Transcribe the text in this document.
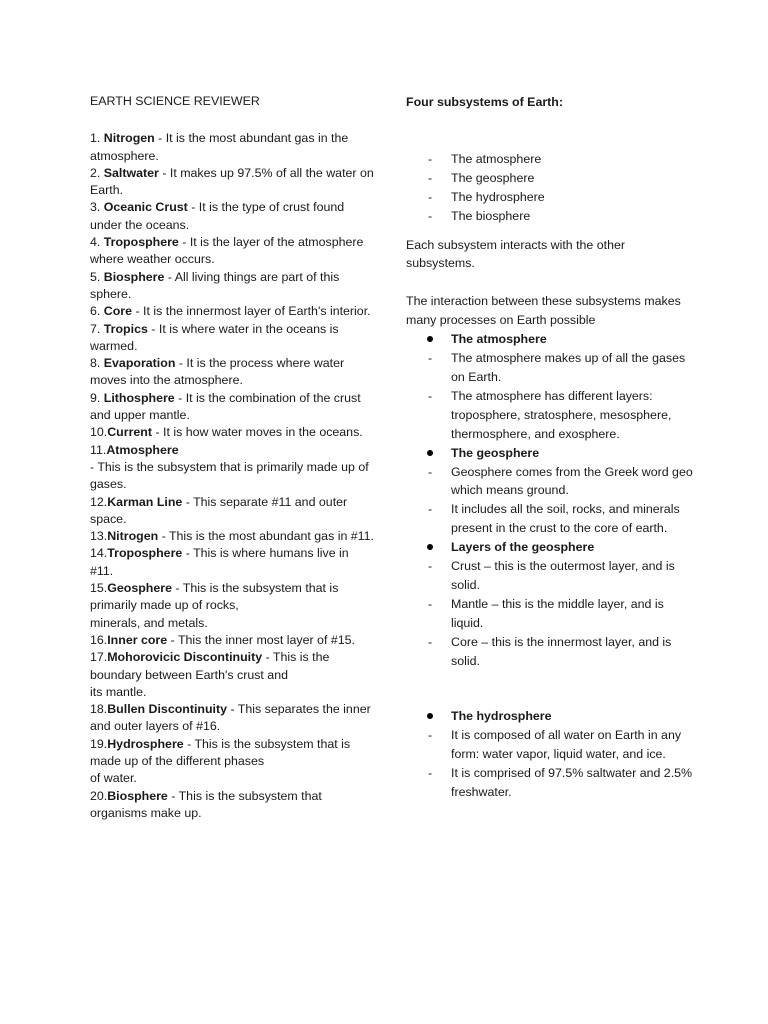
EARTH SCIENCE REVIEWER

1. Nitrogen - It is the most abundant gas in the atmosphere.

2. Saltwater - It makes up 97.5% of all the water on Earth.

3. Oceanic Crust - It is the type of crust found under the oceans.

4. Troposphere - It is the layer of the atmosphere where weather occurs.

5. Biosphere - All living things are part of this sphere.

6. Core - It is the innermost layer of Earth's interior.

7. Tropics - It is where water in the oceans is warmed.

8. Evaporation - It is the process where water moves into the atmosphere.

9. Lithosphere - It is the combination of the crust and upper mantle.

10.Current - It is how water moves in the oceans.

11.Atmosphere
- This is the subsystem that is primarily made up of gases.

12.Karman Line - This separate #11 and outer space.

13.Nitrogen - This is the most abundant gas in #11.

14.Troposphere - This is where humans live in #11.

15.Geosphere - This is the subsystem that is primarily made up of rocks,
minerals, and metals.

16.Inner core - This the inner most layer of #15.

17.Mohorovicic Discontinuity - This is the boundary between Earth's crust and
its mantle.

18.Bullen Discontinuity - This separates the inner and outer layers of #16.

19.Hydrosphere - This is the subsystem that is made up of the different phases
of water.

20.Biosphere - This is the subsystem that organisms make up.

Four subsystems of Earth:

- The atmosphere
- The geosphere
- The hydrosphere
- The biosphere

Each subsystem interacts with the other subsystems.

The interaction between these subsystems makes many processes on Earth possible

The atmosphere

- The atmosphere makes up of all the gases on Earth.
- The atmosphere has different layers: troposphere, stratosphere, mesosphere, thermosphere, and exosphere.

The geosphere

- Geosphere comes from the Greek word geo which means ground.
- It includes all the soil, rocks, and minerals present in the crust to the core of earth.

Layers of the geosphere

- Crust – this is the outermost layer, and is solid.
- Mantle – this is the middle layer, and is liquid.
- Core – this is the innermost layer, and is solid.

The hydrosphere

- It is composed of all water on Earth in any form: water vapor, liquid water, and ice.
- It is comprised of 97.5% saltwater and 2.5% freshwater.
